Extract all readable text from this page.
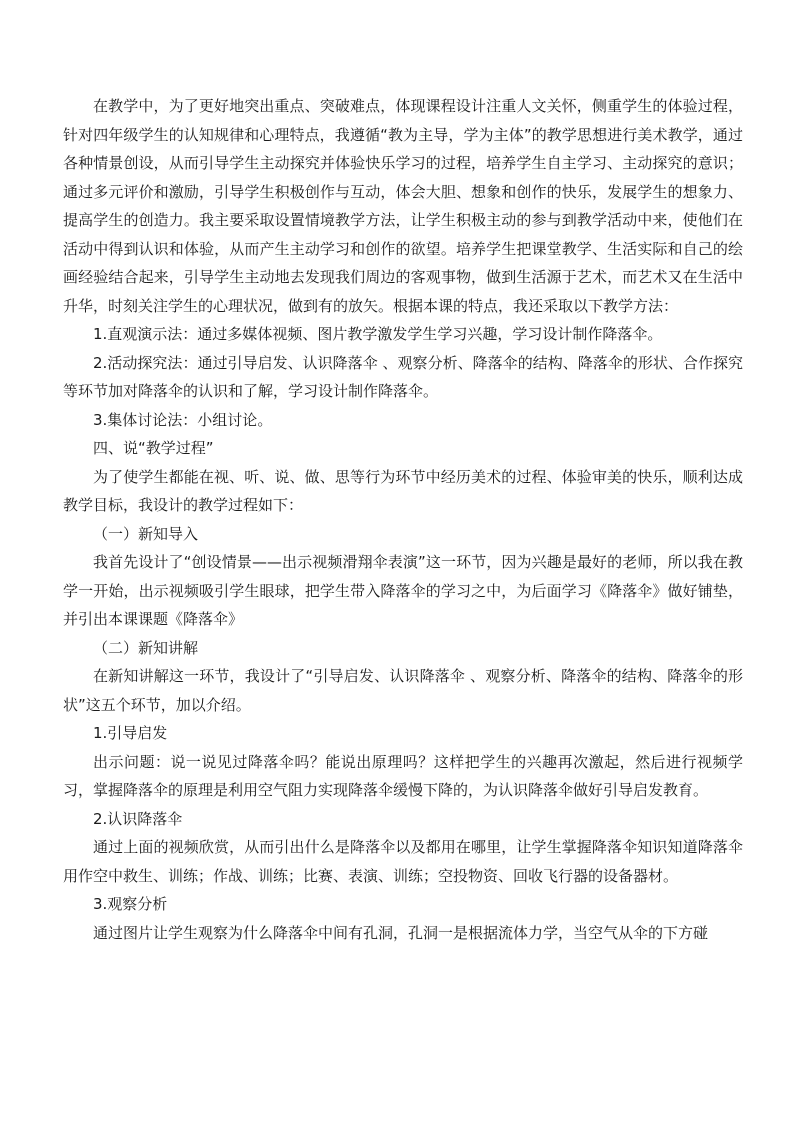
在教学中，为了更好地突出重点、突破难点，体现课程设计注重人文关怀，侧重学生的体验过程，针对四年级学生的认知规律和心理特点，我遵循“教为主导，学为主体”的教学思想进行美术教学，通过各种情景创设，从而引导学生主动探究并体验快乐学习的过程，培养学生自主学习、主动探究的意识；通过多元评价和激励，引导学生积极创作与互动，体会大胆、想象和创作的快乐，发展学生的想象力、提高学生的创造力。我主要采取设置情境教学方法，让学生积极主动的参与到教学活动中来，使他们在活动中得到认识和体验，从而产生主动学习和创作的欲望。培养学生把课堂教学、生活实际和自己的绘画经验结合起来，引导学生主动地去发现我们周边的客观事物，做到生活源于艺术，而艺术又在生活中升华，时刻关注学生的心理状况，做到有的放矢。根据本课的特点，我还采取以下教学方法：

1.直观演示法：通过多媒体视频、图片教学激发学生学习兴趣，学习设计制作降落伞。

2.活动探究法：通过引导启发、认识降落伞 、观察分析、降落伞的结构、降落伞的形状、合作探究等环节加对降落伞的认识和了解，学习设计制作降落伞。

3.集体讨论法：小组讨论。

四、说“教学过程”

为了使学生都能在视、听、说、做、思等行为环节中经历美术的过程、体验审美的快乐，顺利达成教学目标，我设计的教学过程如下：

（一）新知导入

我首先设计了“创设情景——出示视频滑翔伞表演”这一环节，因为兴趣是最好的老师，所以我在教学一开始，出示视频吸引学生眼球，把学生带入降落伞的学习之中，为后面学习《降落伞》做好铺垫，并引出本课课题《降落伞》

（二）新知讲解

在新知讲解这一环节，我设计了“引导启发、认识降落伞 、观察分析、降落伞的结构、降落伞的形状”这五个环节，加以介绍。

1.引导启发

出示问题：说一说见过降落伞吗？能说出原理吗？这样把学生的兴趣再次激起，然后进行视频学习，掌握降落伞的原理是利用空气阻力实现降落伞缓慢下降的，为认识降落伞做好引导启发教育。

2.认识降落伞

通过上面的视频欣赏，从而引出什么是降落伞以及都用在哪里，让学生掌握降落伞知识知道降落伞用作空中救生、训练；作战、训练；比赛、表演、训练；空投物资、回收飞行器的设备器材。

3.观察分析

通过图片让学生观察为什么降落伞中间有孔洞，孔洞一是根据流体力学，当空气从伞的下方碰
